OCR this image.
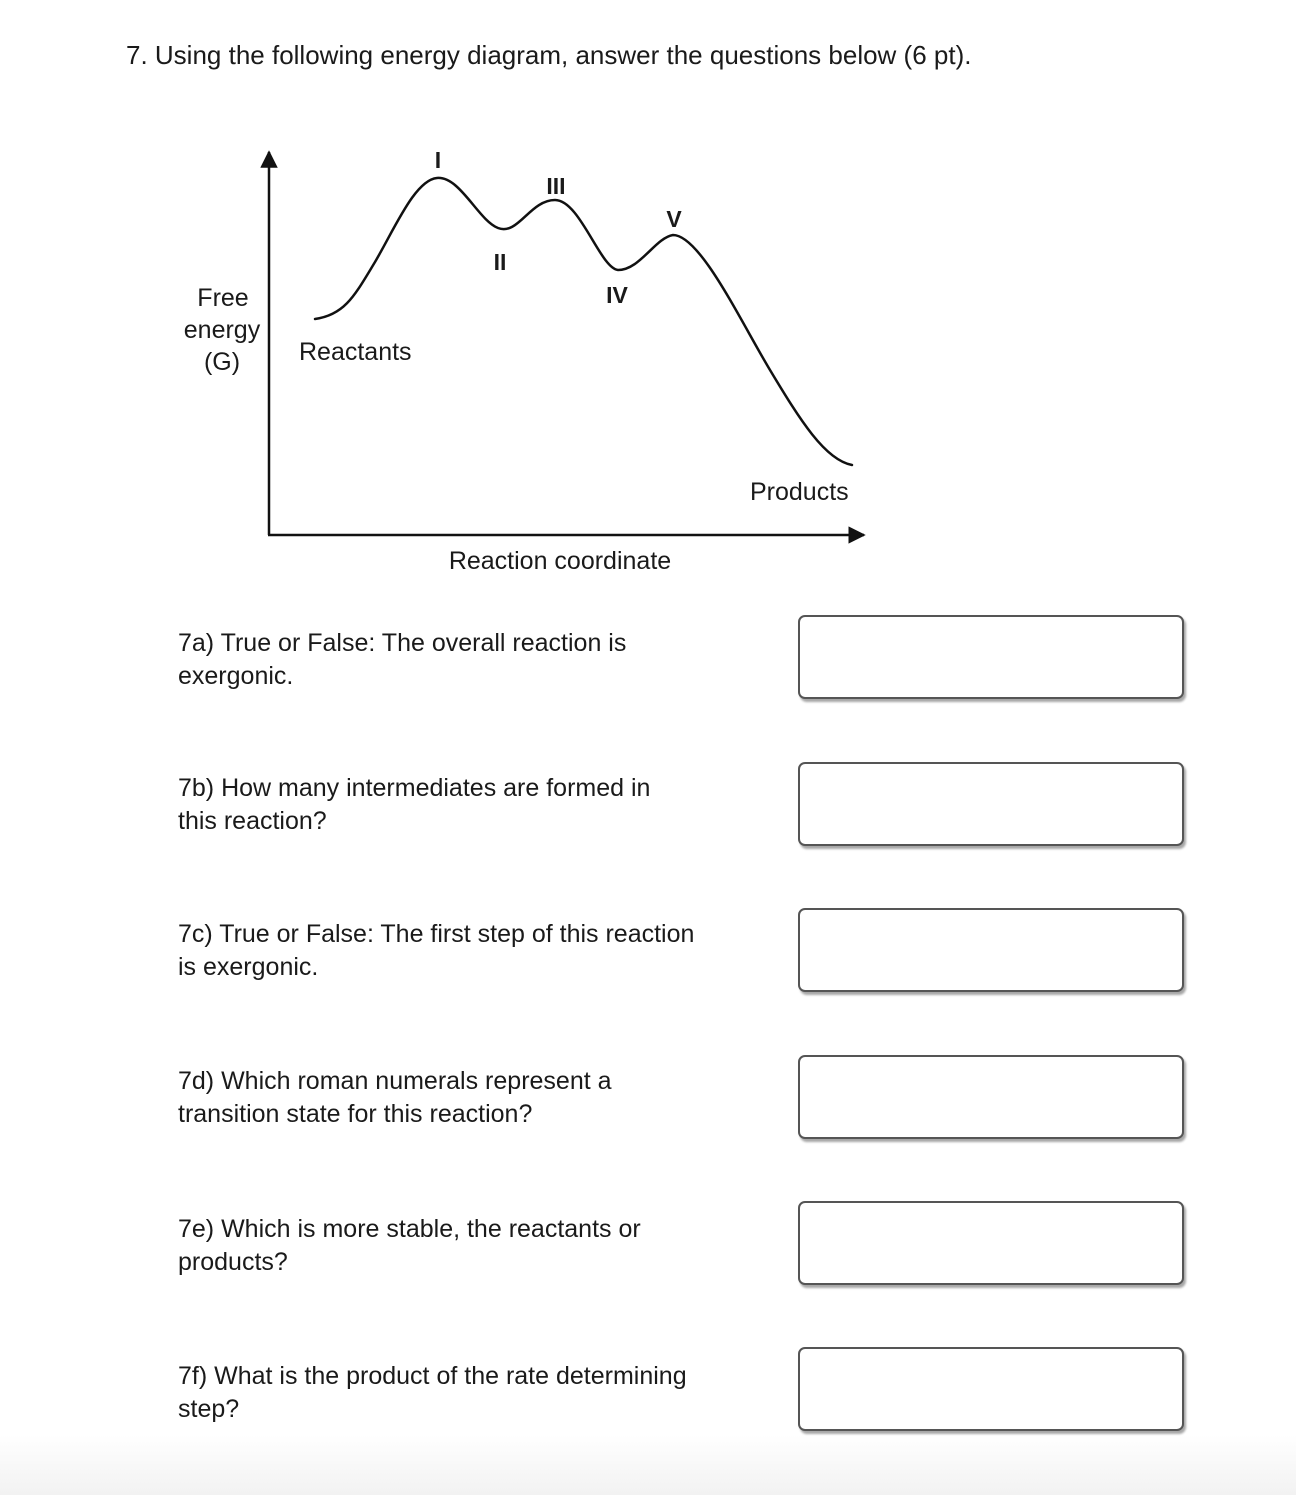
7. Using the following energy diagram, answer the questions below (6 pt).
Free
energy
(G) Reactants
Products
Reaction coordinate
I
II
III
IV
V
7a) True or False: The overall reaction is
exergonic.
7b) How many intermediates are formed in
this reaction?
7c) True or False: The first step of this reaction
is exergonic.
7d) Which roman numerals represent a
transition state for this reaction?
7e) Which is more stable, the reactants or
products?
7f) What is the product of the rate determining
step?
